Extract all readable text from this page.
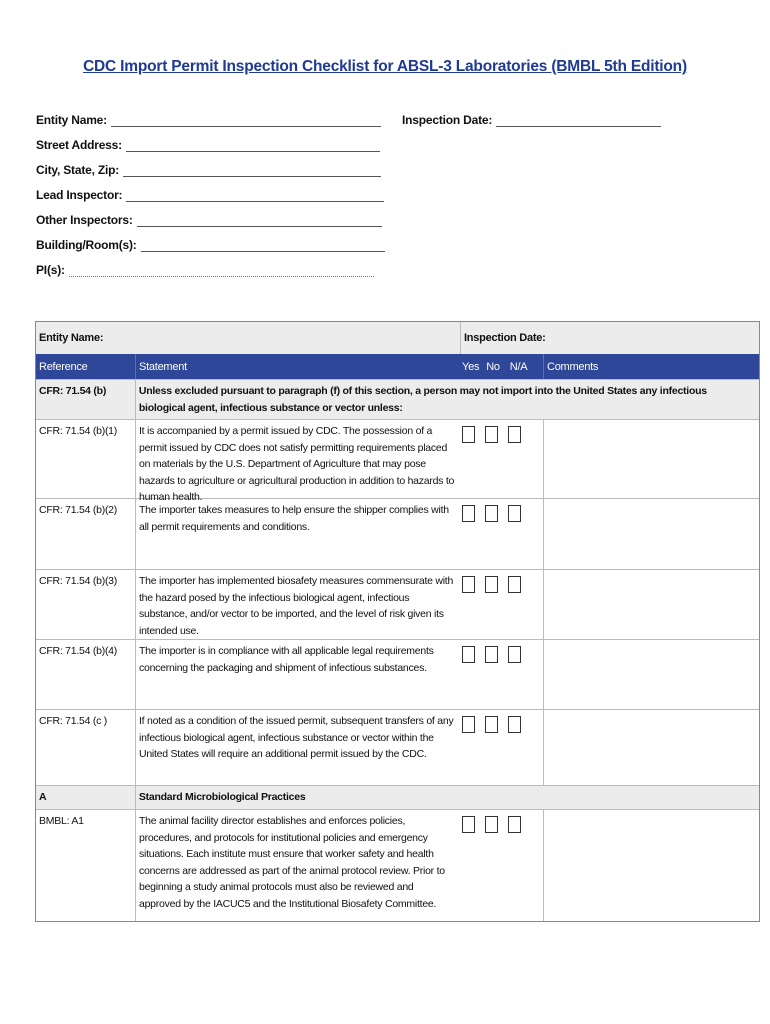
CDC Import Permit Inspection Checklist for ABSL-3 Laboratories (BMBL 5th Edition)
Entity Name:	Inspection Date:
Street Address:
City, State, Zip:
Lead Inspector:
Other Inspectors:
Building/Room(s):
PI(s):
Entity Name:	Inspection Date:
Reference	Statement	Yes No N/A	Comments
CFR: 71.54 (b)	Unless excluded pursuant to paragraph (f) of this section, a person may not import into the United States any infectious biological agent, infectious substance or vector unless:
CFR: 71.54 (b)(1)	It is accompanied by a permit issued by CDC. The possession of a permit issued by CDC does not satisfy permitting requirements placed on materials by the U.S. Department of Agriculture that may pose hazards to agriculture or agricultural production in addition to hazards to human health.
CFR: 71.54 (b)(2)	The importer takes measures to help ensure the shipper complies with all permit requirements and conditions.
CFR: 71.54 (b)(3)	The importer has implemented biosafety measures commensurate with the hazard posed by the infectious biological agent, infectious substance, and/or vector to be imported, and the level of risk given its intended use.
CFR: 71.54 (b)(4)	The importer is in compliance with all applicable legal requirements concerning the packaging and shipment of infectious substances.
CFR: 71.54 (c )	If noted as a condition of the issued permit, subsequent transfers of any infectious biological agent, infectious substance or vector within the United States will require an additional permit issued by the CDC.
A	Standard Microbiological Practices
BMBL: A1	The animal facility director establishes and enforces policies, procedures, and protocols for institutional policies and emergency situations. Each institute must ensure that worker safety and health concerns are addressed as part of the animal protocol review. Prior to beginning a study animal protocols must also be reviewed and approved by the IACUC5 and the Institutional Biosafety Committee.
